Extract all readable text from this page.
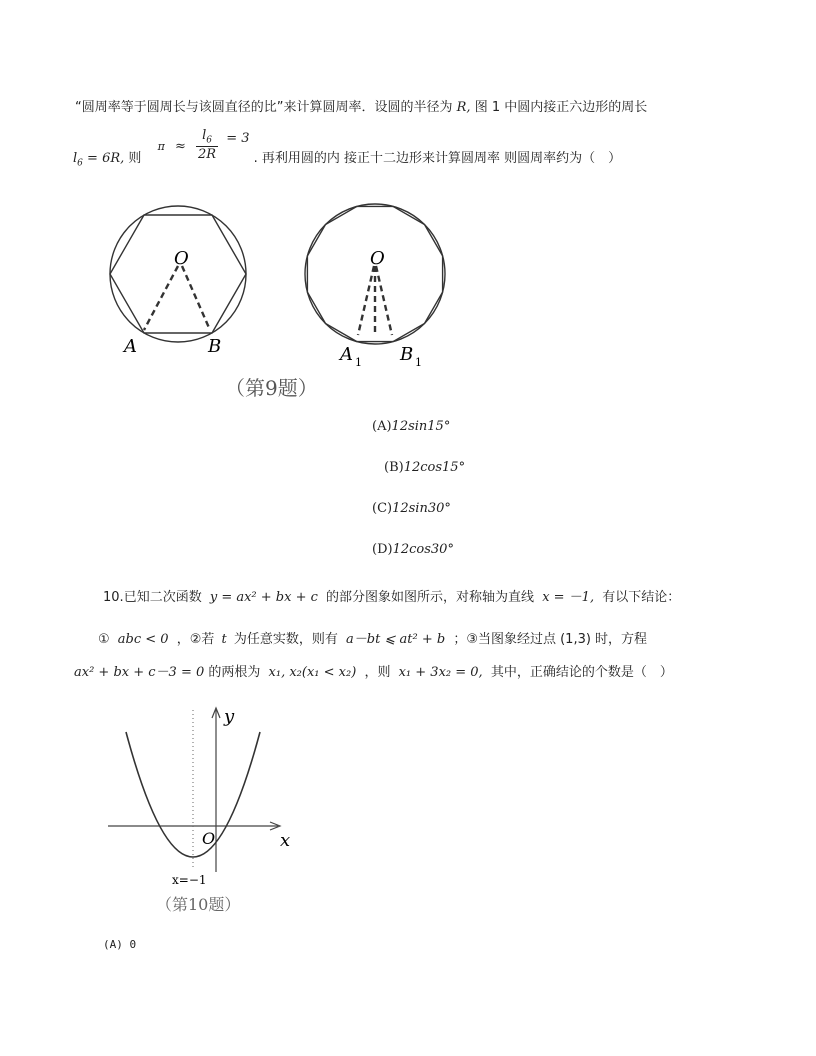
“圆周率等于圆周长与该圆直径的比”来计算圆周率．设圆的半径为 R, 图 1 中圆内接正六边形的周长
$l_6 = 6R$, 则 $\pi \approx \frac{l_6}{2R} = 3$ . 再利用圆的内 接正十二边形来计算圆周率 则圆周率约为（　）
O
A	B
O
A 1 B 1
（第9题）
(A)12sin15°
(B)12cos15°
(C)12sin30°
(D)12cos30°
10.已知二次函数 y = ax² + bx + c 的部分图象如图所示，对称轴为直线 x = －1, 有以下结论：
① abc < 0 ，②若 t 为任意实数，则有 a－bt ⩽ at² + b ；③当图象经过点 (1,3) 时，方程
ax² + bx + c－3 = 0 的两根为 x₁, x₂(x₁ < x₂) ，则 x₁ + 3x₂ = 0, 其中，正确结论的个数是（　）
y
x
O
x=−1
（第10题）
(A) 0
